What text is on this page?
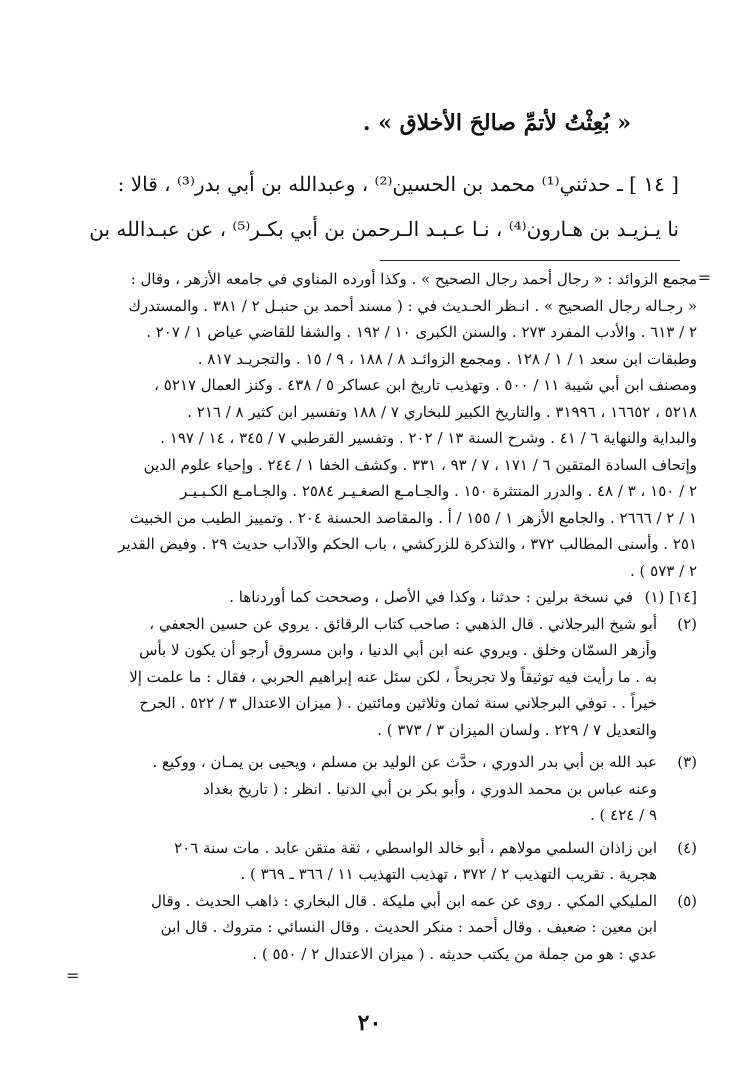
« بُعِثْتُ لأتمِّ صالحَ الأخلاق » .

[ ١٤ ] ـ حدثني⁽¹⁾ محمد بن الحسين⁽²⁾ ، وعبدالله بن أبي بدر⁽³⁾ ، قالا :

نا يـزيـد بن هـارون⁽⁴⁾ ، نـا عـبـد الـرحمن بن أبي بكـر⁽⁵⁾ ، عن عبـدالله بن

=
=
مجمع الزوائد : « رجال أحمد رجال الصحيح » . وكذا أورده المناوي في جامعه الأزهر ، وقال :
« رجـاله رجال الصحيح » . انـظر الحـديث في : ( مسند أحمد بن حنبـل ٢ / ٣٨١ . والمستدرك
٢ / ٦١٣ . والأدب المفرد ٢٧٣ . والسنن الكبرى ١٠ / ١٩٢ . والشفا للقاضي عياض ١ / ٢٠٧ .
وطبقات ابن سعد ١ / ١ / ١٢٨ . ومجمع الزوائـد ٨ / ١٨٨ ، ٩ / ١٥ . والتجريـد ٨١٧ .
ومصنف ابن أبي شيبة ١١ / ٥٠٠ . وتهذيب تاريخ ابن عساكر ٥ / ٤٣٨ . وكنز العمال ٥٢١٧ ،
٥٢١٨ ، ١٦٦٥٢ ، ٣١٩٩٦ . والتاريخ الكبير للبخاري ٧ / ١٨٨ وتفسير ابن كثير ٨ / ٢١٦ .
والبداية والنهاية ٦ / ٤١ . وشرح السنة ١٣ / ٢٠٢ . وتفسير القرطبي ٧ / ٣٤٥ ، ١٤ / ١٩٧ .
وإتحاف السادة المتقين ٦ / ١٧١ ، ٧ / ٩٣ ، ٣٣١ . وكشف الخفا ١ / ٢٤٤ . وإحياء علوم الدين
٢ / ١٥٠ ، ٣ / ٤٨ . والدرر المنتثرة ١٥٠ . والجـامـع الصغـيـر ٢٥٨٤ . والجـامـع الكـبـيـر
١ / ٢ / ٢٦٦٦ . والجامع الأزهر ١ / ١٥٥ / أ . والمقاصد الحسنة ٢٠٤ . وتمييز الطيب من الخبيث
٢٥١ . وأسنى المطالب ٣٧٢ ، والتذكرة للزركشي ، باب الحكم والآداب حديث ٢٩ . وفيض القدير
٢ / ٥٧٣ ) .
[١٤] (١)
في نسخة برلين : حدثنا ، وكذا في الأصل ، وصححت كما أوردناها .
(٢)
أبو شيخ البرجلاني . قال الذهبي : صاحب كتاب الرقائق . يروي عن حسين الجعفي ،
وأزهر السمّان وخلق . ويروي عنه ابن أبي الدنيا ، وابن مسروق أرجو أن يكون لا بأس
به . ما رأيت فيه توثيقاً ولا تجريحاً ، لكن سئل عنه إبراهيم الحربي ، فقال : ما علمت إلا
خيراً . . توفي البرجلاني سنة ثمان وثلاثين ومائتين . ( ميزان الاعتدال ٣ / ٥٢٢ . الجرح
والتعديل ٧ / ٢٢٩ . ولسان الميزان ٣ / ٣٧٣ ) .
(٣)
عبد الله بن أبي بدر الدوري ، حدَّث عن الوليد بن مسلم ، ويحيى بن يمـان ، ووكيع .
وعنه عباس بن محمد الدوري ، وأبو بكر بن أبي الدنيا . انظر : ( تاريخ بغداد
٩ / ٤٢٤ ) .
(٤)
ابن زاذان السلمي مولاهم ، أبو خالد الواسطي ، ثقة متقن عابد . مات سنة ٢٠٦
هجرية . تقريب التهذيب ٢ / ٣٧٢ ، تهذيب التهذيب ١١ / ٣٦٦ ـ ٣٦٩ ) .
(٥)
المليكي المكي . روى عن عمه ابن أبي مليكة . قال البخاري : ذاهب الحديث . وقال
ابن معين : ضعيف . وقال أحمد : منكر الحديث . وقال النسائي : متروك . قال ابن
عدي : هو من جملة من يكتب حديثه . ( ميزان الاعتدال ٢ / ٥٥٠ ) .
٢٠
